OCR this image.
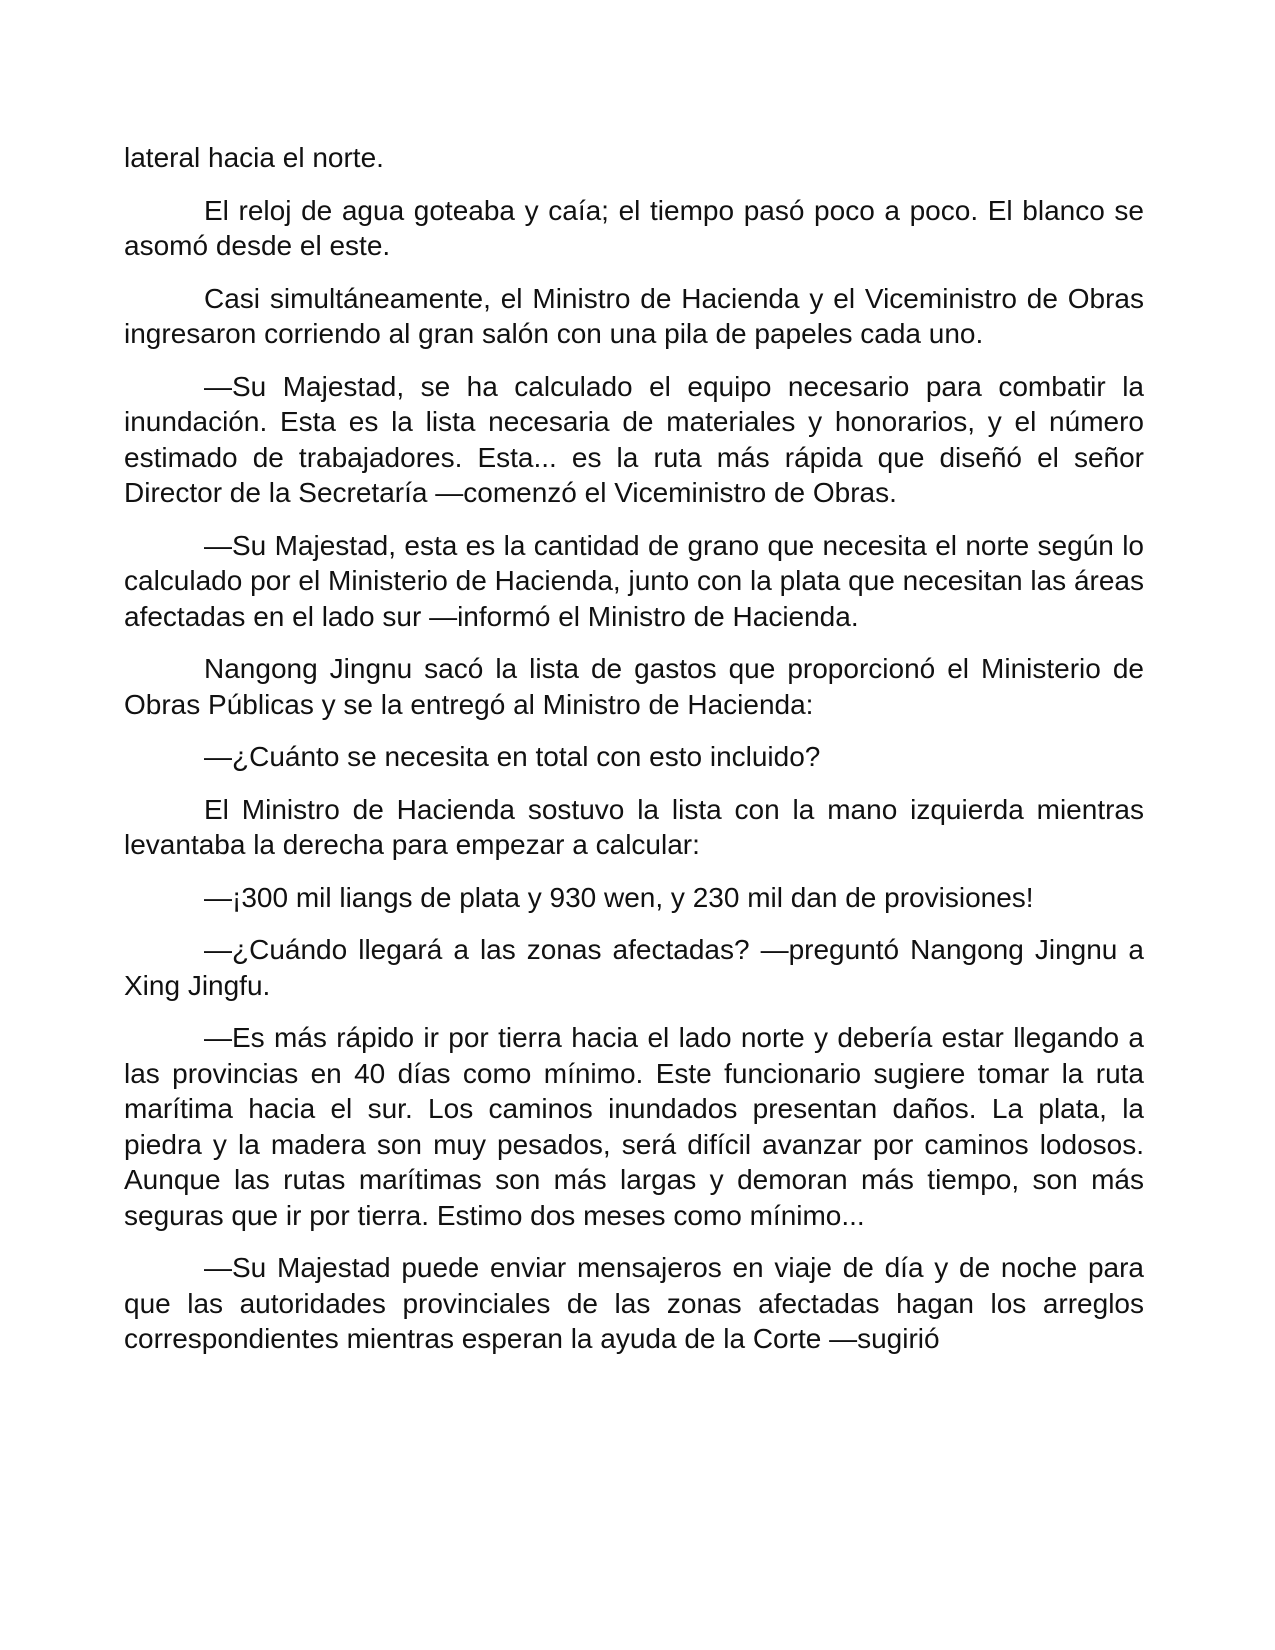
lateral hacia el norte.

El reloj de agua goteaba y caía; el tiempo pasó poco a poco. El blanco se asomó desde el este.

Casi simultáneamente, el Ministro de Hacienda y el Viceministro de Obras ingresaron corriendo al gran salón con una pila de papeles cada uno.

—Su Majestad, se ha calculado el equipo necesario para combatir la inundación. Esta es la lista necesaria de materiales y honorarios, y el número estimado de trabajadores. Esta... es la ruta más rápida que diseñó el señor Director de la Secretaría —comenzó el Viceministro de Obras.

—Su Majestad, esta es la cantidad de grano que necesita el norte según lo calculado por el Ministerio de Hacienda, junto con la plata que necesitan las áreas afectadas en el lado sur —informó el Ministro de Hacienda.

Nangong Jingnu sacó la lista de gastos que proporcionó el Ministerio de Obras Públicas y se la entregó al Ministro de Hacienda:

—¿Cuánto se necesita en total con esto incluido?

El Ministro de Hacienda sostuvo la lista con la mano izquierda mientras levantaba la derecha para empezar a calcular:

—¡300 mil liangs de plata y 930 wen, y 230 mil dan de provisiones!

—¿Cuándo llegará a las zonas afectadas? —preguntó Nangong Jingnu a Xing Jingfu.

—Es más rápido ir por tierra hacia el lado norte y debería estar llegando a las provincias en 40 días como mínimo. Este funcionario sugiere tomar la ruta marítima hacia el sur. Los caminos inundados presentan daños. La plata, la piedra y la madera son muy pesados, será difícil avanzar por caminos lodosos. Aunque las rutas marítimas son más largas y demoran más tiempo, son más seguras que ir por tierra. Estimo dos meses como mínimo...

—Su Majestad puede enviar mensajeros en viaje de día y de noche para que las autoridades provinciales de las zonas afectadas hagan los arreglos correspondientes mientras esperan la ayuda de la Corte —sugirió
